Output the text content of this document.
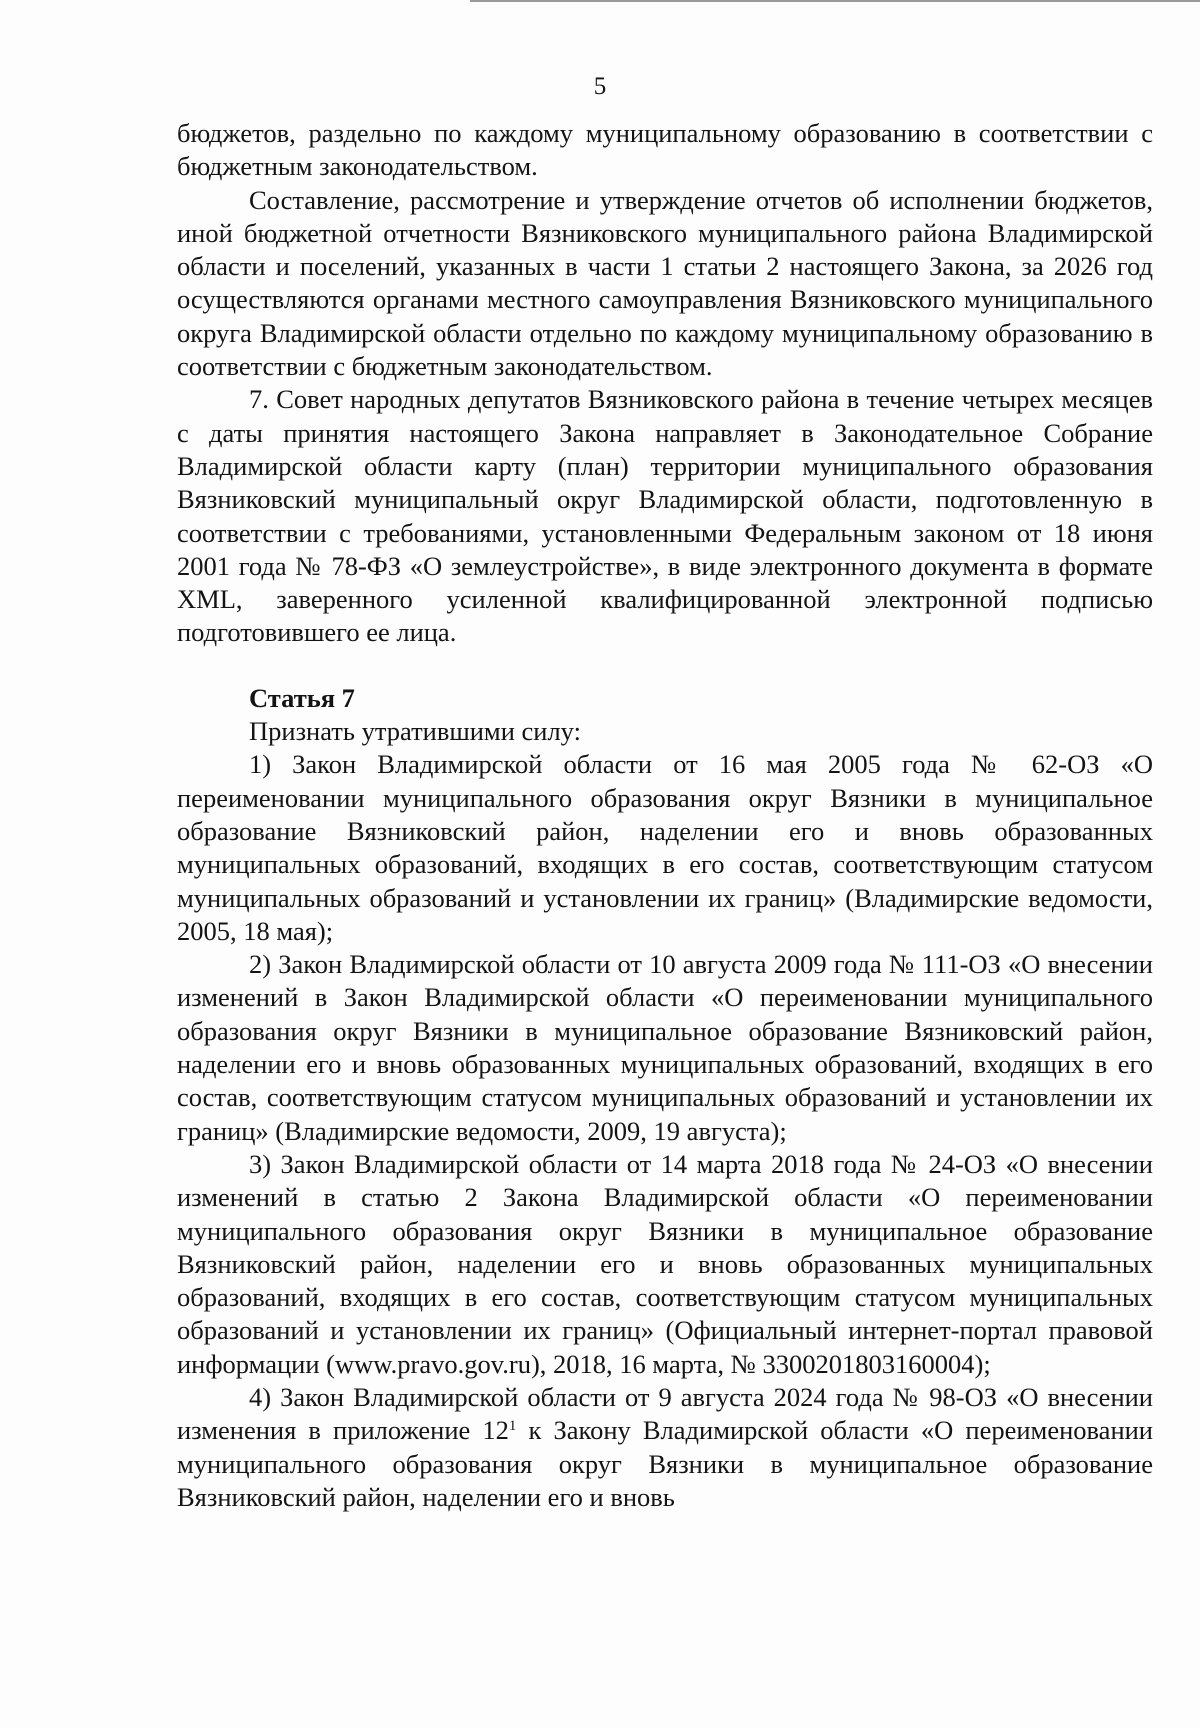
5

бюджетов, раздельно по каждому муниципальному образованию в соответствии с бюджетным законодательством.

Составление, рассмотрение и утверждение отчетов об исполнении бюджетов, иной бюджетной отчетности Вязниковского муниципального района Владимирской области и поселений, указанных в части 1 статьи 2 настоящего Закона, за 2026 год осуществляются органами местного самоуправления Вязниковского муниципального округа Владимирской области отдельно по каждому муниципальному образованию в соответствии с бюджетным законодательством.

7. Совет народных депутатов Вязниковского района в течение четырех месяцев с даты принятия настоящего Закона направляет в Законодательное Собрание Владимирской области карту (план) территории муниципального образования Вязниковский муниципальный округ Владимирской области, подготовленную в соответствии с требованиями, установленными Федеральным законом от 18 июня 2001 года № 78-ФЗ «О землеустройстве», в виде электронного документа в формате XML, заверенного усиленной квалифицированной электронной подписью подготовившего ее лица.

Статья 7

Признать утратившими силу:

1) Закон Владимирской области от 16 мая 2005 года № 62-ОЗ «О переименовании муниципального образования округ Вязники в муниципальное образование Вязниковский район, наделении его и вновь образованных муниципальных образований, входящих в его состав, соответствующим статусом муниципальных образований и установлении их границ» (Владимирские ведомости, 2005, 18 мая);

2) Закон Владимирской области от 10 августа 2009 года № 111-ОЗ «О внесении изменений в Закон Владимирской области «О переименовании муниципального образования округ Вязники в муниципальное образование Вязниковский район, наделении его и вновь образованных муниципальных образований, входящих в его состав, соответствующим статусом муниципальных образований и установлении их границ» (Владимирские ведомости, 2009, 19 августа);

3) Закон Владимирской области от 14 марта 2018 года № 24-ОЗ «О внесении изменений в статью 2 Закона Владимирской области «О переименовании муниципального образования округ Вязники в муниципальное образование Вязниковский район, наделении его и вновь образованных муниципальных образований, входящих в его состав, соответствующим статусом муниципальных образований и установлении их границ» (Официальный интернет-портал правовой информации (www.pravo.gov.ru), 2018, 16 марта, № 3300201803160004);

4) Закон Владимирской области от 9 августа 2024 года № 98-ОЗ «О внесении изменения в приложение $12^1$ к Закону Владимирской области «О переименовании муниципального образования округ Вязники в муниципальное образование Вязниковский район, наделении его и вновь
